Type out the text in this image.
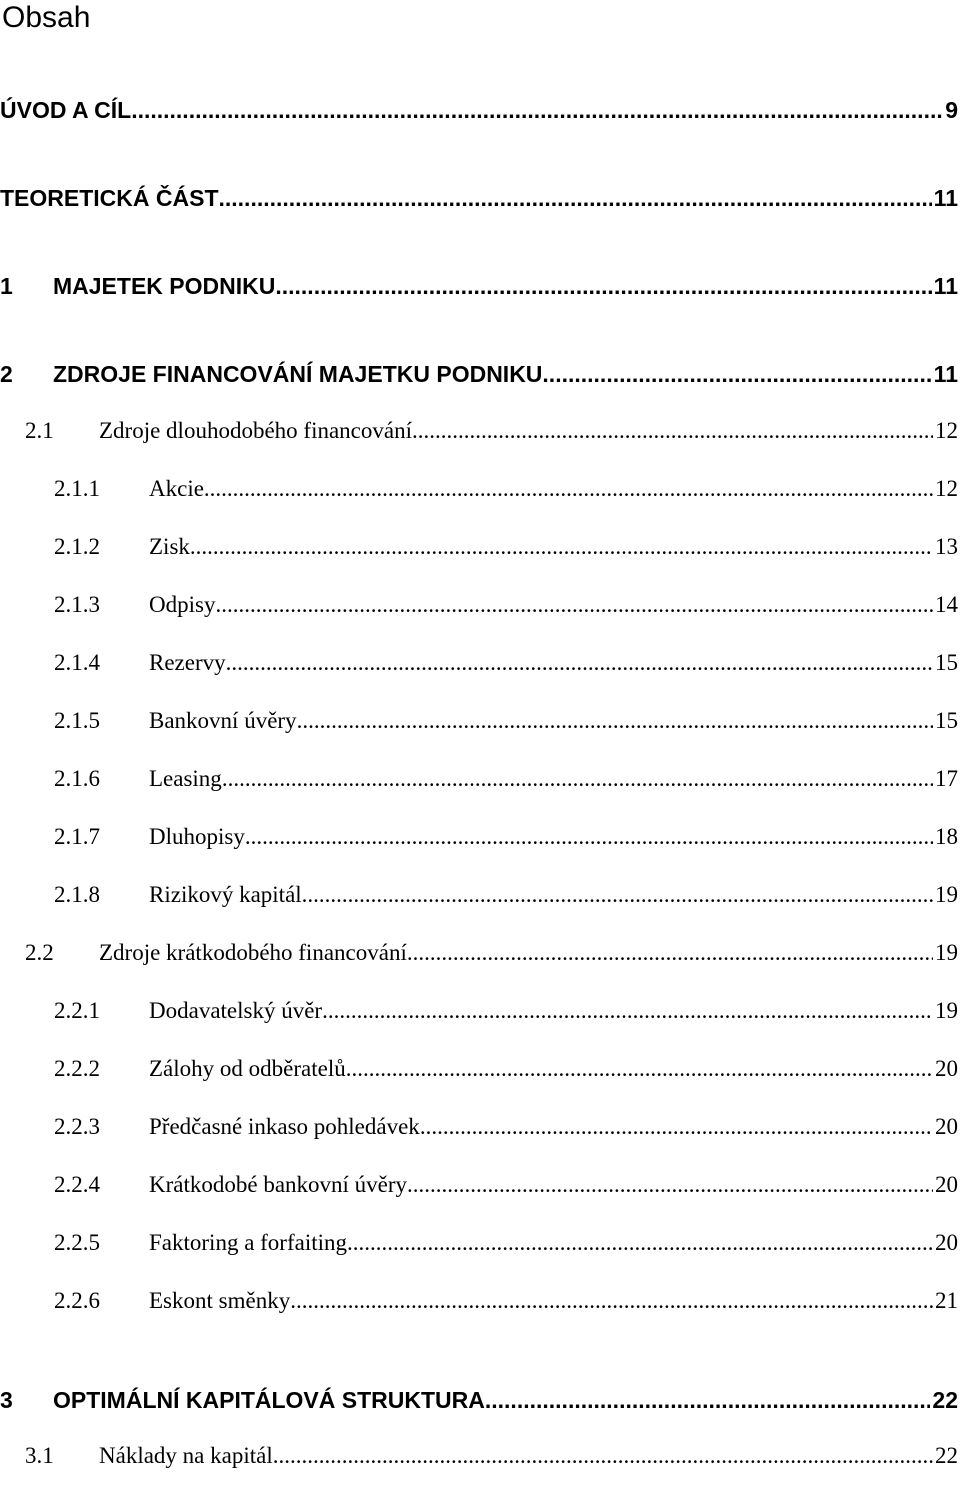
Obsah
ÚVOD A CÍL .....	9
TEORETICKÁ ČÁST .....	11
1	MAJETEK PODNIKU .....	11
2	ZDROJE FINANCOVÁNÍ MAJETKU PODNIKU .....	11
2.1	Zdroje dlouhodobého financování .....	12
2.1.1	Akcie .....	12
2.1.2	Zisk .....	13
2.1.3	Odpisy .....	14
2.1.4	Rezervy .....	15
2.1.5	Bankovní úvěry .....	15
2.1.6	Leasing .....	17
2.1.7	Dluhopisy .....	18
2.1.8	Rizikový kapitál .....	19
2.2	Zdroje krátkodobého financování .....	19
2.2.1	Dodavatelský úvěr .....	19
2.2.2	Zálohy od odběratelů .....	20
2.2.3	Předčasné inkaso pohledávek .....	20
2.2.4	Krátkodobé bankovní úvěry .....	20
2.2.5	Faktoring a forfaiting .....	20
2.2.6	Eskont směnky .....	21
3	OPTIMÁLNÍ KAPITÁLOVÁ STRUKTURA .....	22
3.1	Náklady na kapitál .....	22
